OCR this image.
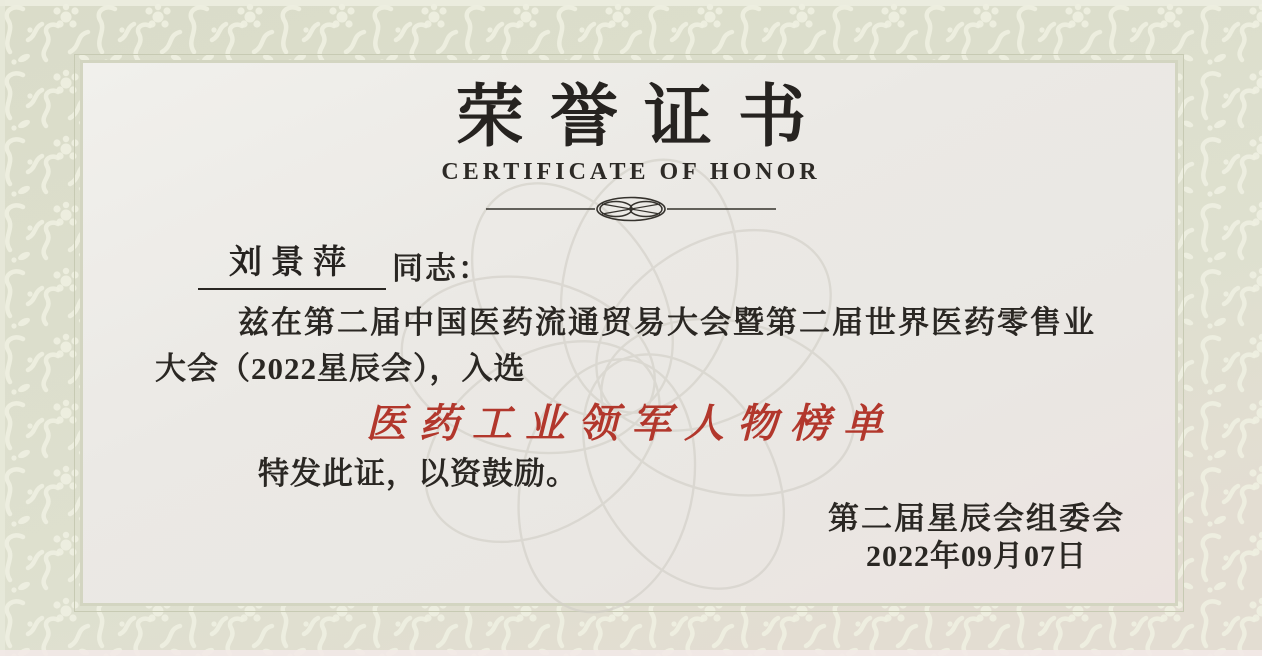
荣誉证书
CERTIFICATE OF HONOR
刘景萍	同志：
兹在第二届中国医药流通贸易大会暨第二届世界医药零售业
大会（2022星辰会），入选
医药工业领军人物榜单
特发此证，以资鼓励。
第二届星辰会组委会
2022年09月07日
